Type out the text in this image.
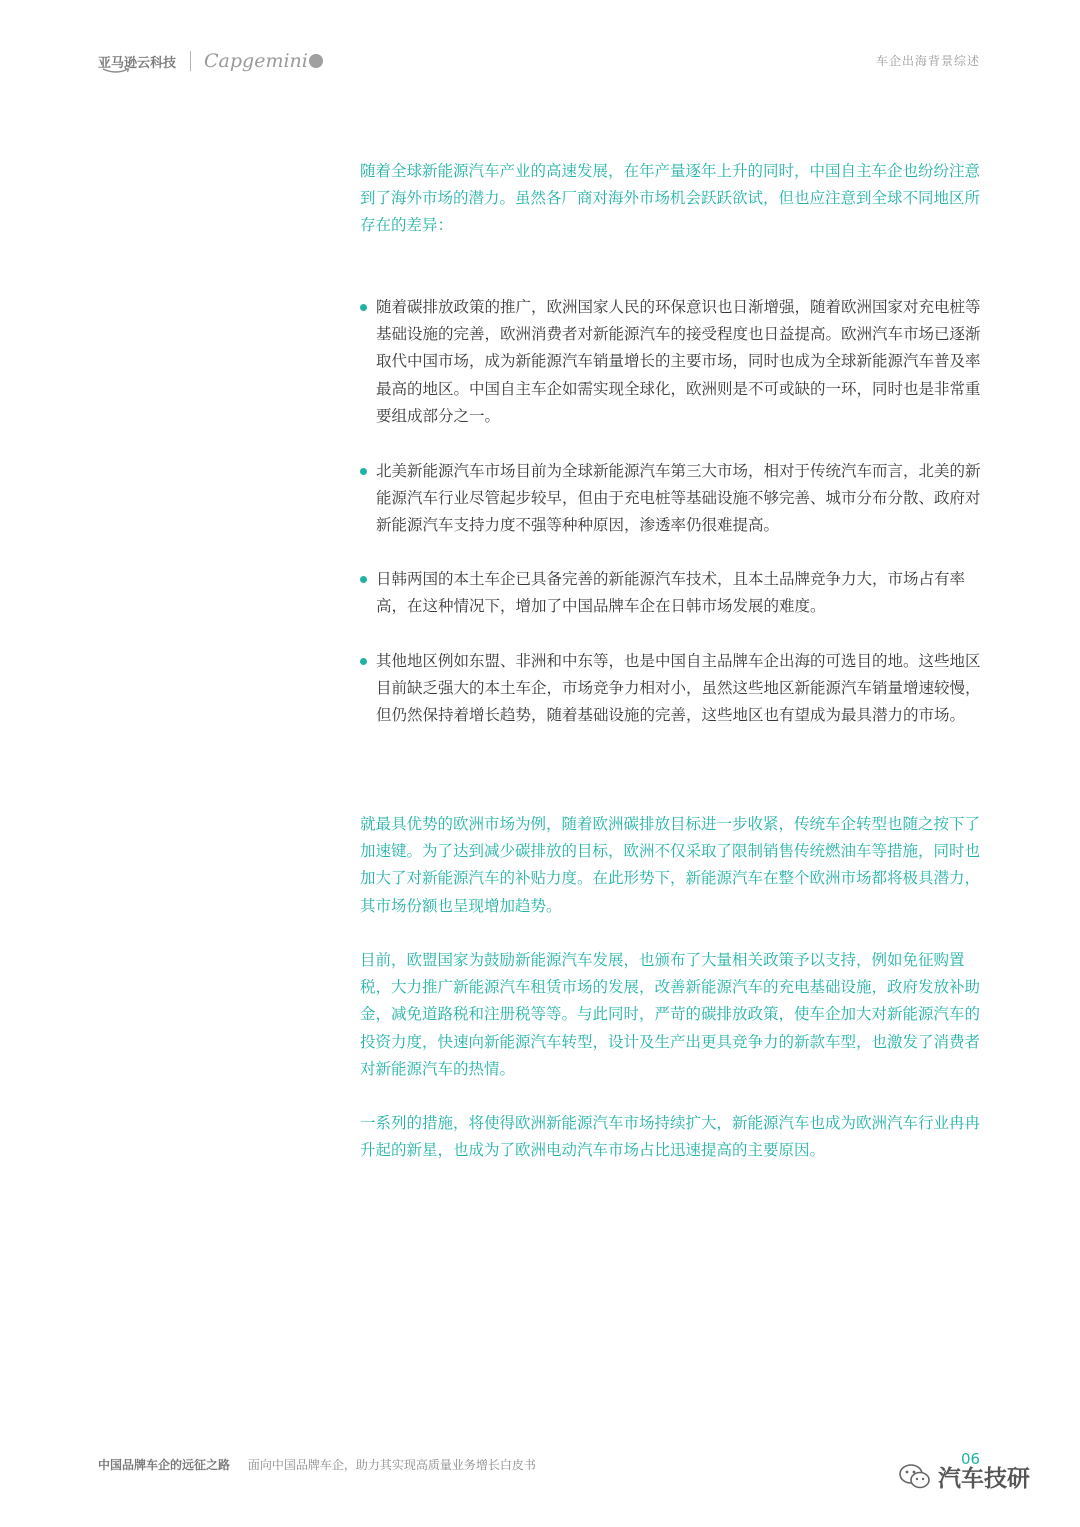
亚马逊云科技 Capgemini	车企出海背景综述

随着全球新能源汽车产业的高速发展，在年产量逐年上升的同时，中国自主车企也纷纷注意到了海外市场的潜力。虽然各厂商对海外市场机会跃跃欲试，但也应注意到全球不同地区所存在的差异：

随着碳排放政策的推广，欧洲国家人民的环保意识也日渐增强，随着欧洲国家对充电桩等基础设施的完善，欧洲消费者对新能源汽车的接受程度也日益提高。欧洲汽车市场已逐渐取代中国市场，成为新能源汽车销量增长的主要市场，同时也成为全球新能源汽车普及率最高的地区。中国自主车企如需实现全球化，欧洲则是不可或缺的一环，同时也是非常重要组成部分之一。
北美新能源汽车市场目前为全球新能源汽车第三大市场，相对于传统汽车而言，北美的新能源汽车行业尽管起步较早，但由于充电桩等基础设施不够完善、城市分布分散、政府对新能源汽车支持力度不强等种种原因，渗透率仍很难提高。
日韩两国的本土车企已具备完善的新能源汽车技术，且本土品牌竞争力大，市场占有率高，在这种情况下，增加了中国品牌车企在日韩市场发展的难度。
其他地区例如东盟、非洲和中东等，也是中国自主品牌车企出海的可选目的地。这些地区目前缺乏强大的本土车企，市场竞争力相对小，虽然这些地区新能源汽车销量增速较慢，但仍然保持着增长趋势，随着基础设施的完善，这些地区也有望成为最具潜力的市场。

就最具优势的欧洲市场为例，随着欧洲碳排放目标进一步收紧，传统车企转型也随之按下了加速键。为了达到减少碳排放的目标，欧洲不仅采取了限制销售传统燃油车等措施，同时也加大了对新能源汽车的补贴力度。在此形势下，新能源汽车在整个欧洲市场都将极具潜力，其市场份额也呈现增加趋势。

目前，欧盟国家为鼓励新能源汽车发展，也颁布了大量相关政策予以支持，例如免征购置税，大力推广新能源汽车租赁市场的发展，改善新能源汽车的充电基础设施，政府发放补助金，减免道路税和注册税等等。与此同时，严苛的碳排放政策，使车企加大对新能源汽车的投资力度，快速向新能源汽车转型，设计及生产出更具竞争力的新款车型，也激发了消费者对新能源汽车的热情。

一系列的措施，将使得欧洲新能源汽车市场持续扩大，新能源汽车也成为欧洲汽车行业冉冉升起的新星，也成为了欧洲电动汽车市场占比迅速提高的主要原因。

中国品牌车企的远征之路 面向中国品牌车企，助力其实现高质量业务增长白皮书	06
汽车技研
